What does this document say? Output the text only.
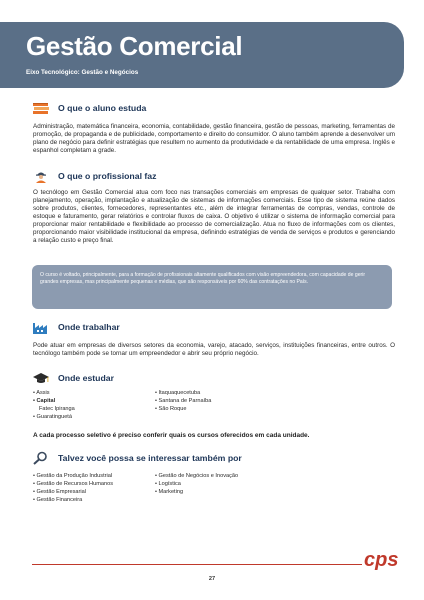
Gestão Comercial
Eixo Tecnológico: Gestão e Negócios
O que o aluno estuda

Administração, matemática financeira, economia, contabilidade, gestão financeira, gestão de pessoas, marketing, ferramentas de promoção, de propaganda e de publicidade, comportamento e direito do consumidor. O aluno também aprende a desenvolver um plano de negócio para definir estratégias que resultem no aumento da produtividade e da rentabilidade de uma empresa. Inglês e espanhol completam a grade.

O que o profissional faz

O tecnólogo em Gestão Comercial atua com foco nas transações comerciais em empresas de qualquer setor. Trabalha com planejamento, operação, implantação e atualização de sistemas de informações comerciais. Esse tipo de sistema reúne dados sobre produtos, clientes, fornecedores, representantes etc., além de integrar ferramentas de compras, vendas, controle de estoque e faturamento, gerar relatórios e controlar fluxos de caixa. O objetivo é utilizar o sistema de informação comercial para proporcionar maior rentabilidade e flexibilidade ao processo de comercialização. Atua no fluxo de informações com os clientes, proporcionando maior visibilidade institucional da empresa, definindo estratégias de venda de serviços e produtos e gerenciando a relação custo e preço final.

O curso é voltado, principalmente, para a formação de profissionais altamente qualificados com visão empreendedora, com capacidade de gerir grandes empresas, mas principalmente pequenas e médias, que são responsáveis por 60% das contratações no País.

Onde trabalhar

Pode atuar em empresas de diversos setores da economia, varejo, atacado, serviços, instituições financeiras, entre outros. O tecnólogo também pode se tornar um empreendedor e abrir seu próprio negócio.

Onde estudar
• Assis
• Capital
Fatec Ipiranga
• Guaratinguetá
• Itaquaquecetuba
• Santana de Parnaíba
• São Roque

A cada processo seletivo é preciso conferir quais os cursos oferecidos em cada unidade.

Talvez você possa se interessar também por
• Gestão da Produção Industrial
• Gestão de Recursos Humanos
• Gestão Empresarial
• Gestão Financeira
• Gestão de Negócios e Inovação
• Logística
• Marketing
cps
27
